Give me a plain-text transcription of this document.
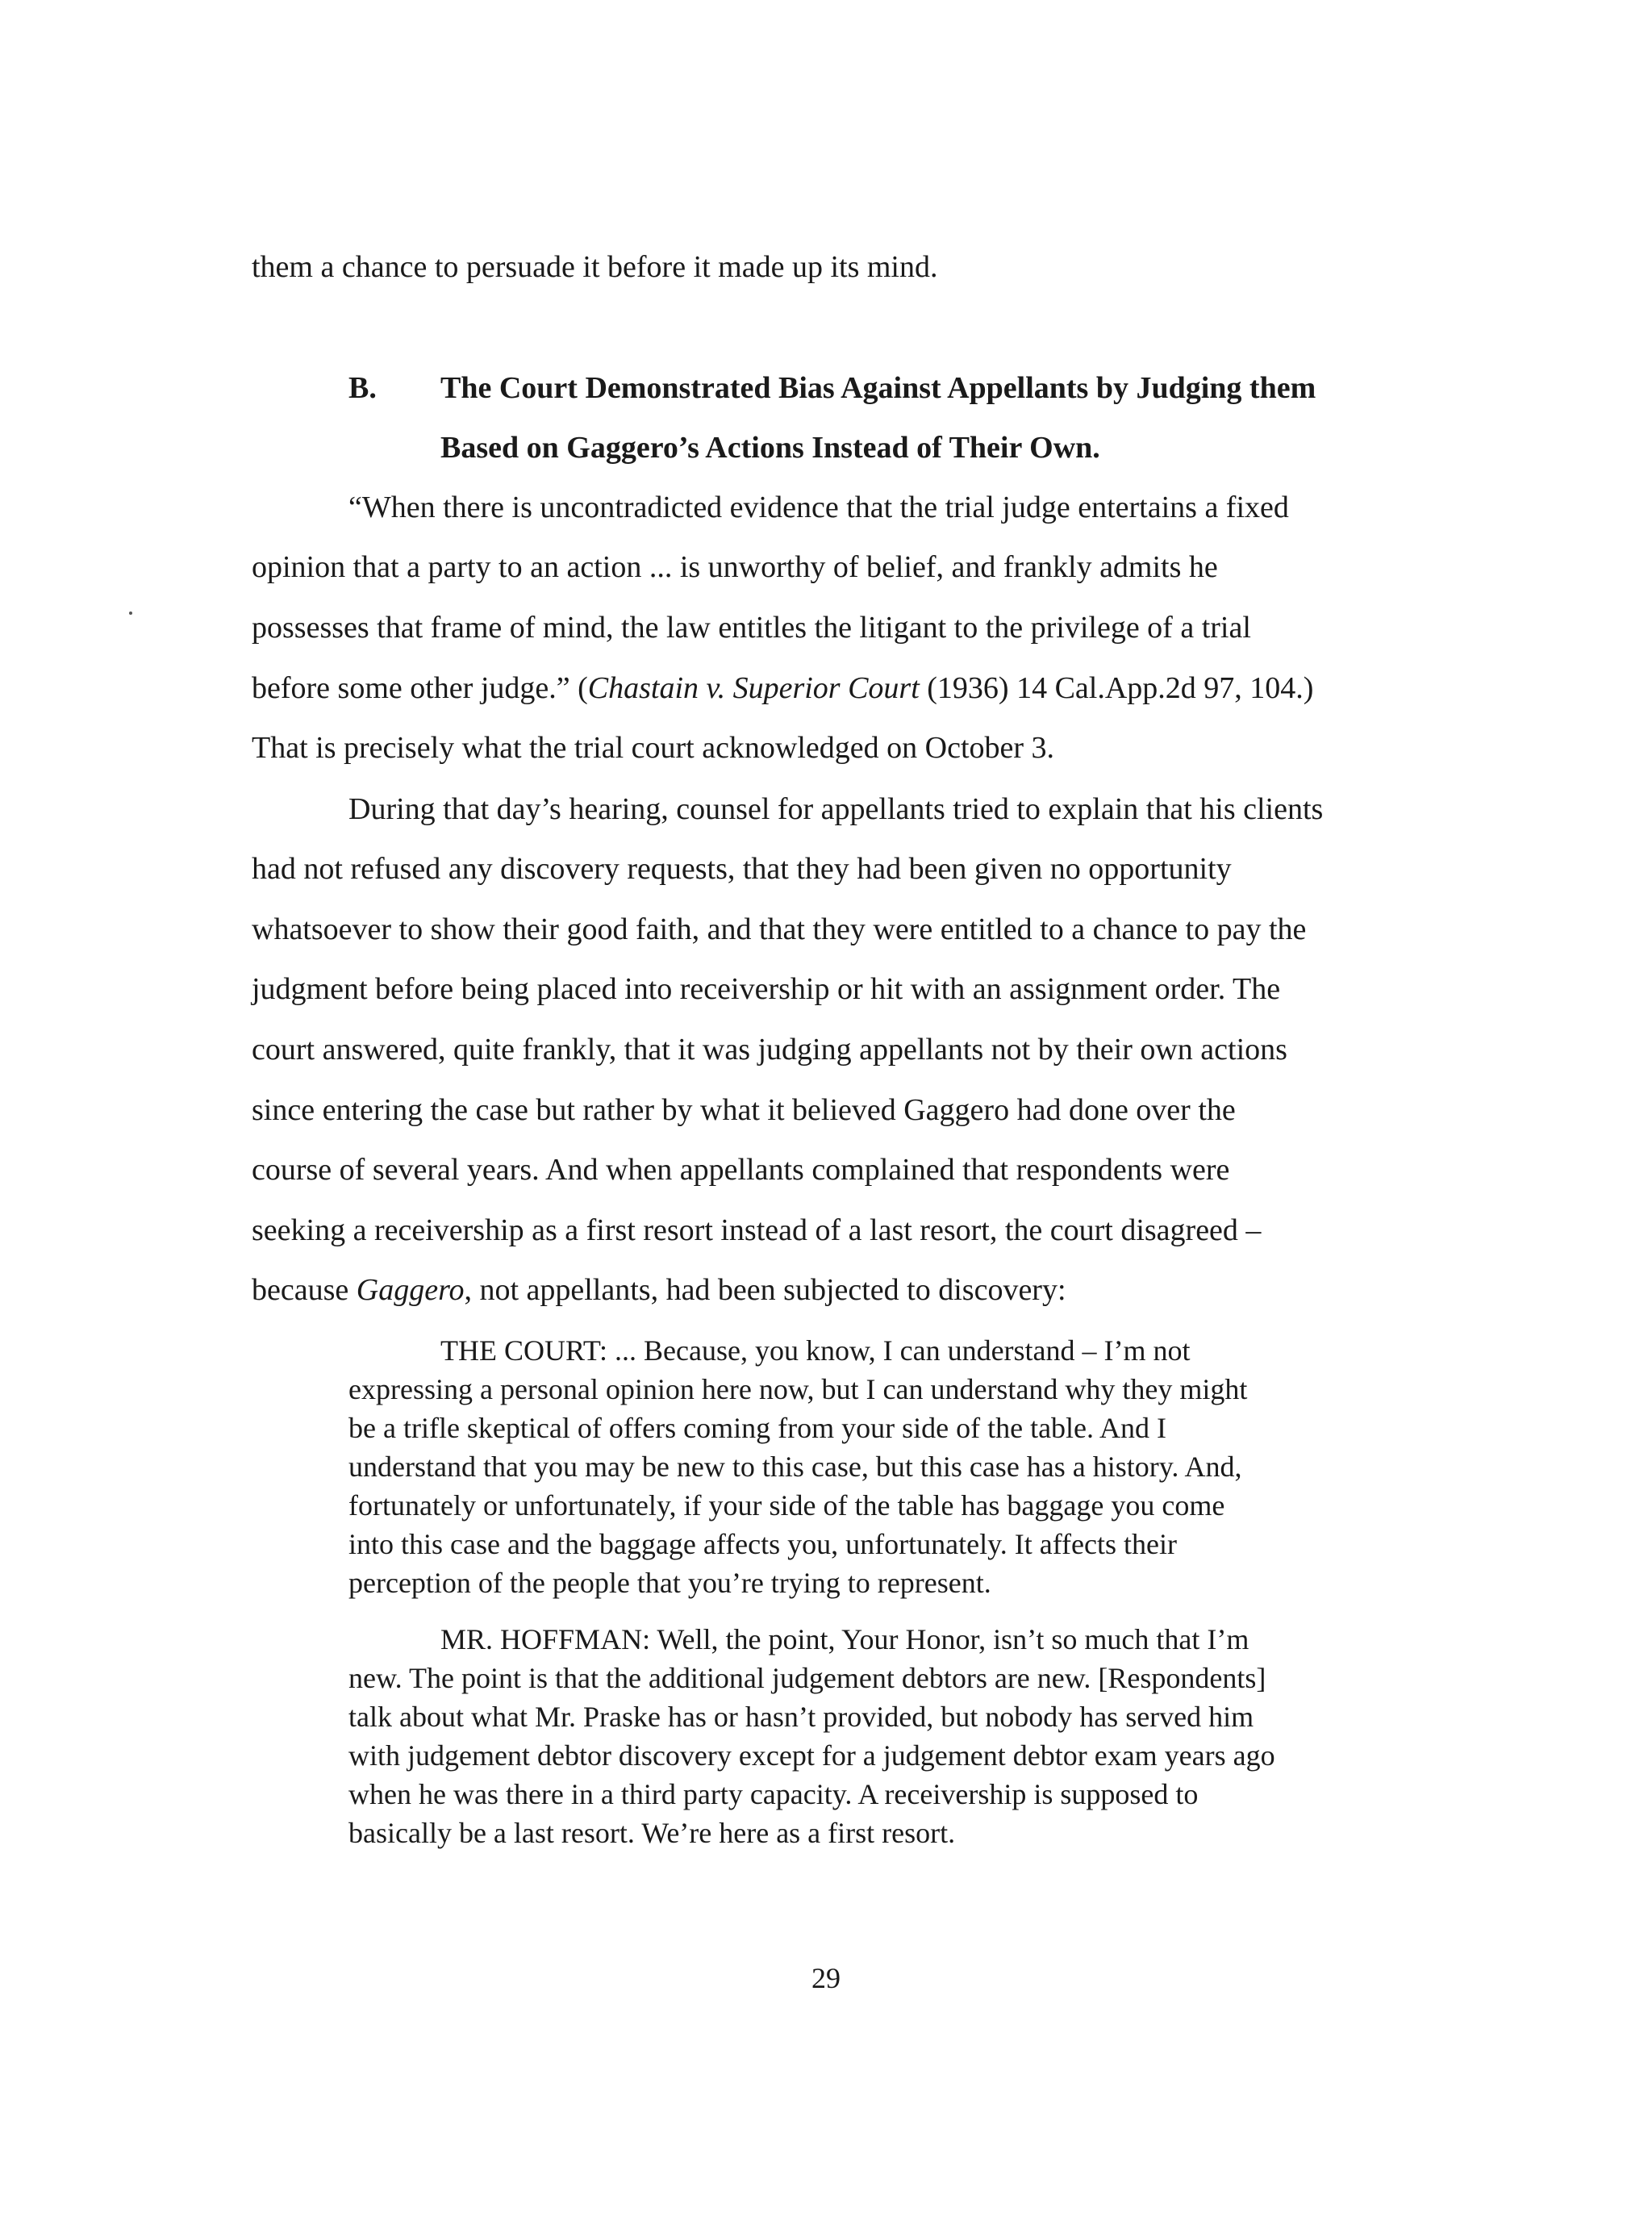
them a chance to persuade it before it made up its mind.
B. The Court Demonstrated Bias Against Appellants by Judging them
Based on Gaggero’s Actions Instead of Their Own.
“When there is uncontradicted evidence that the trial judge entertains a fixed
opinion that a party to an action ... is unworthy of belief, and frankly admits he
possesses that frame of mind, the law entitles the litigant to the privilege of a trial
before some other judge.” (Chastain v. Superior Court (1936) 14 Cal.App.2d 97, 104.)
That is precisely what the trial court acknowledged on October 3.
During that day’s hearing, counsel for appellants tried to explain that his clients
had not refused any discovery requests, that they had been given no opportunity
whatsoever to show their good faith, and that they were entitled to a chance to pay the
judgment before being placed into receivership or hit with an assignment order. The
court answered, quite frankly, that it was judging appellants not by their own actions
since entering the case but rather by what it believed Gaggero had done over the
course of several years. And when appellants complained that respondents were
seeking a receivership as a first resort instead of a last resort, the court disagreed –
because Gaggero, not appellants, had been subjected to discovery:
THE COURT: ... Because, you know, I can understand – I’m not
expressing a personal opinion here now, but I can understand why they might
be a trifle skeptical of offers coming from your side of the table. And I
understand that you may be new to this case, but this case has a history. And,
fortunately or unfortunately, if your side of the table has baggage you come
into this case and the baggage affects you, unfortunately. It affects their
perception of the people that you’re trying to represent.
MR. HOFFMAN: Well, the point, Your Honor, isn’t so much that I’m
new. The point is that the additional judgement debtors are new. [Respondents]
talk about what Mr. Praske has or hasn’t provided, but nobody has served him
with judgement debtor discovery except for a judgement debtor exam years ago
when he was there in a third party capacity. A receivership is supposed to
basically be a last resort. We’re here as a first resort.
29
